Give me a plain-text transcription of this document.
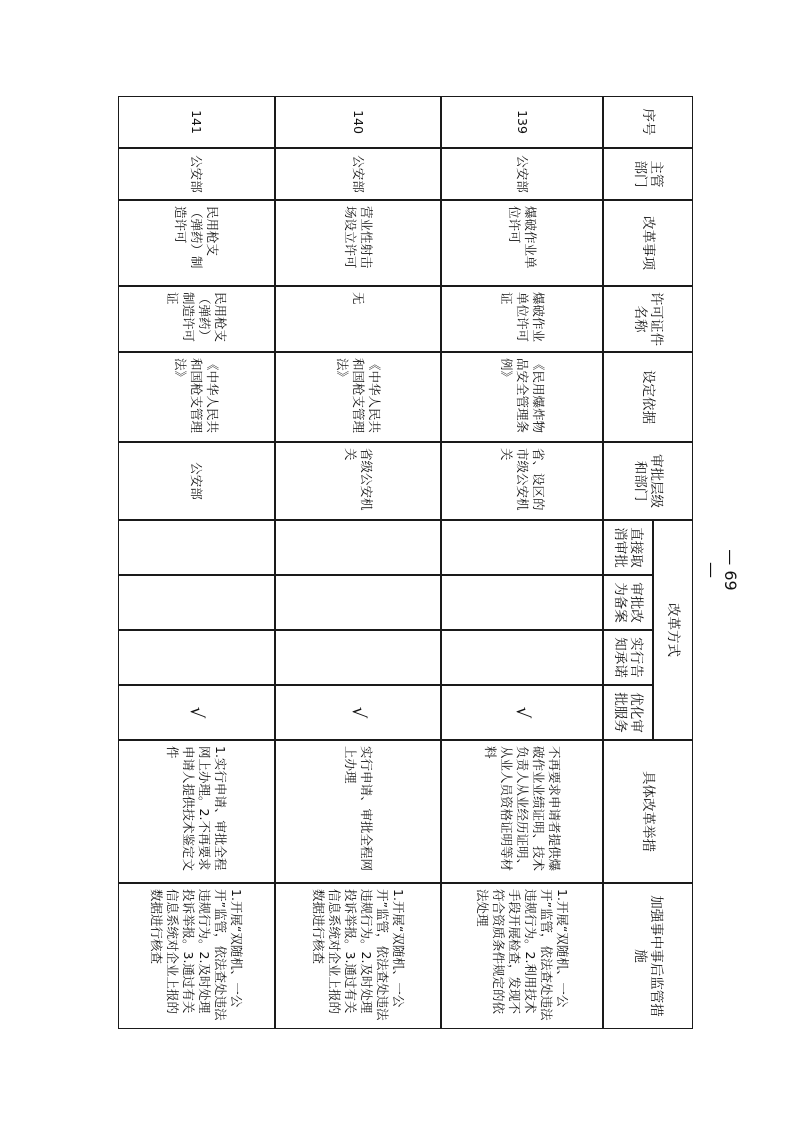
序号
主管部门
改革事项
许可证件名称
设定依据
审批层级和部门
改革方式
直接取消审批
审批改为备案
实行告知承诺
优化审批服务
具体改革举措
加强事中事后监管措施
139
公安部
爆破作业单位许可
爆破作业单位许可证
《民用爆炸物品安全管理条例》
省、设区的市级公安机关
√
不再要求申请者提供爆破作业业绩证明、技术负责人从业经历证明、从业人员资格证明等材料
1.开展“双随机、一公开”监管，依法查处违法违规行为。2.利用技术手段开展检查，发现不符合资质条件规定的依法处理
140
公安部
营业性射击场设立许可
无
《中华人民共和国枪支管理法》
省级公安机关
√
实行申请、审批全程网上办理
1.开展“双随机、一公开”监管，依法查处违法违规行为。2.及时处理投诉举报。3.通过有关信息系统对企业上报的数据进行核查
141
公安部
民用枪支（弹药）制造许可
民用枪支（弹药）制造许可证
《中华人民共和国枪支管理法》
公安部
√
1.实行申请、审批全程网上办理。2.不再要求申请人提供技术鉴定文件
1.开展“双随机、一公开”监管，依法查处违法违规行为。2.及时处理投诉举报。3.通过有关信息系统对企业上报的数据进行核查
— 69 —
